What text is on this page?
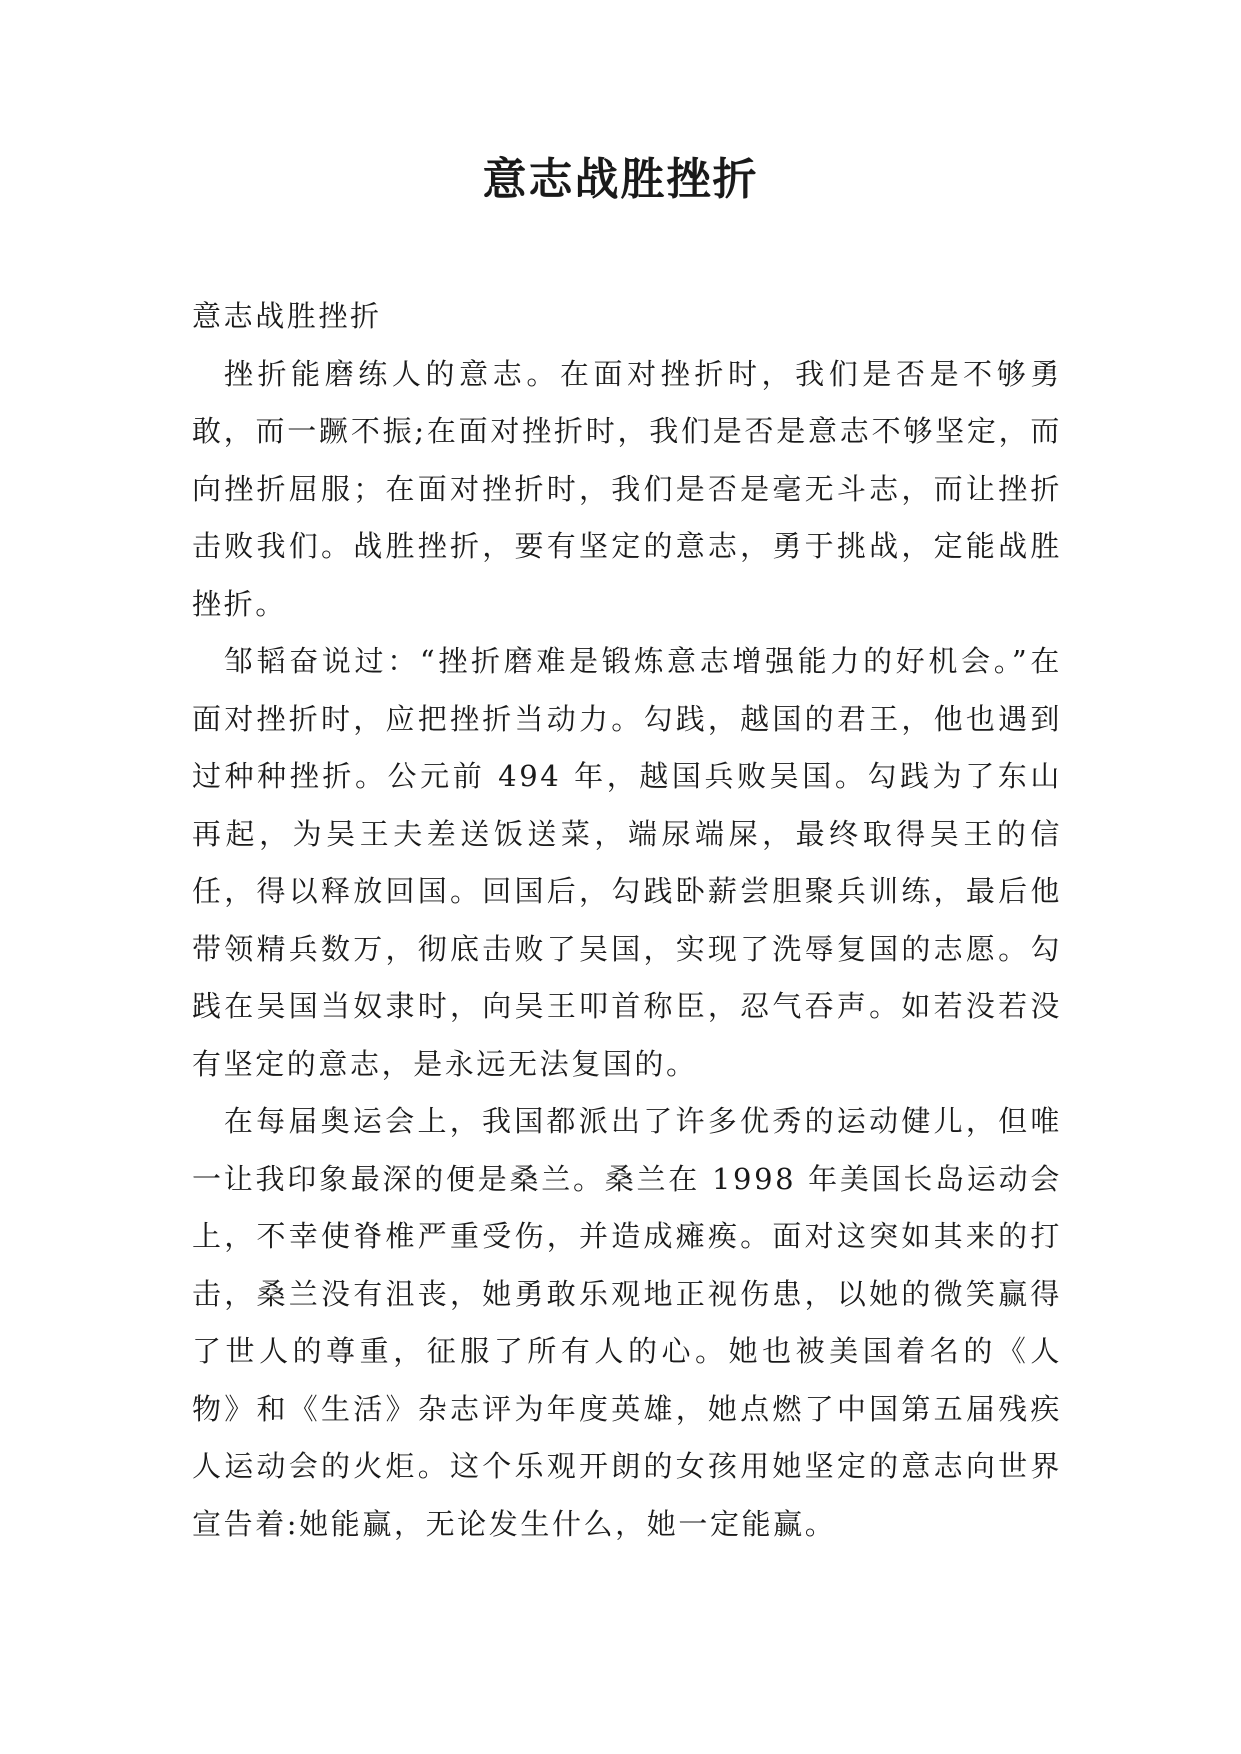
意志战胜挫折

意志战胜挫折

挫折能磨练人的意志。在面对挫折时，我们是否是不够勇敢，而一蹶不振;在面对挫折时，我们是否是意志不够坚定，而向挫折屈服；在面对挫折时，我们是否是毫无斗志，而让挫折击败我们。战胜挫折，要有坚定的意志，勇于挑战，定能战胜挫折。

邹韬奋说过：“挫折磨难是锻炼意志增强能力的好机会。”在面对挫折时，应把挫折当动力。勾践，越国的君王，他也遇到过种种挫折。公元前 494 年，越国兵败吴国。勾践为了东山再起，为吴王夫差送饭送菜，端尿端屎，最终取得吴王的信任，得以释放回国。回国后，勾践卧薪尝胆聚兵训练，最后他带领精兵数万，彻底击败了吴国，实现了洗辱复国的志愿。勾践在吴国当奴隶时，向吴王叩首称臣，忍气吞声。如若没若没有坚定的意志，是永远无法复国的。

在每届奥运会上，我国都派出了许多优秀的运动健儿，但唯一让我印象最深的便是桑兰。桑兰在 1998 年美国长岛运动会上，不幸使脊椎严重受伤，并造成瘫痪。面对这突如其来的打击，桑兰没有沮丧，她勇敢乐观地正视伤患，以她的微笑赢得了世人的尊重，征服了所有人的心。她也被美国着名的《人物》和《生活》杂志评为年度英雄，她点燃了中国第五届残疾人运动会的火炬。这个乐观开朗的女孩用她坚定的意志向世界宣告着:她能赢，无论发生什么，她一定能赢。
